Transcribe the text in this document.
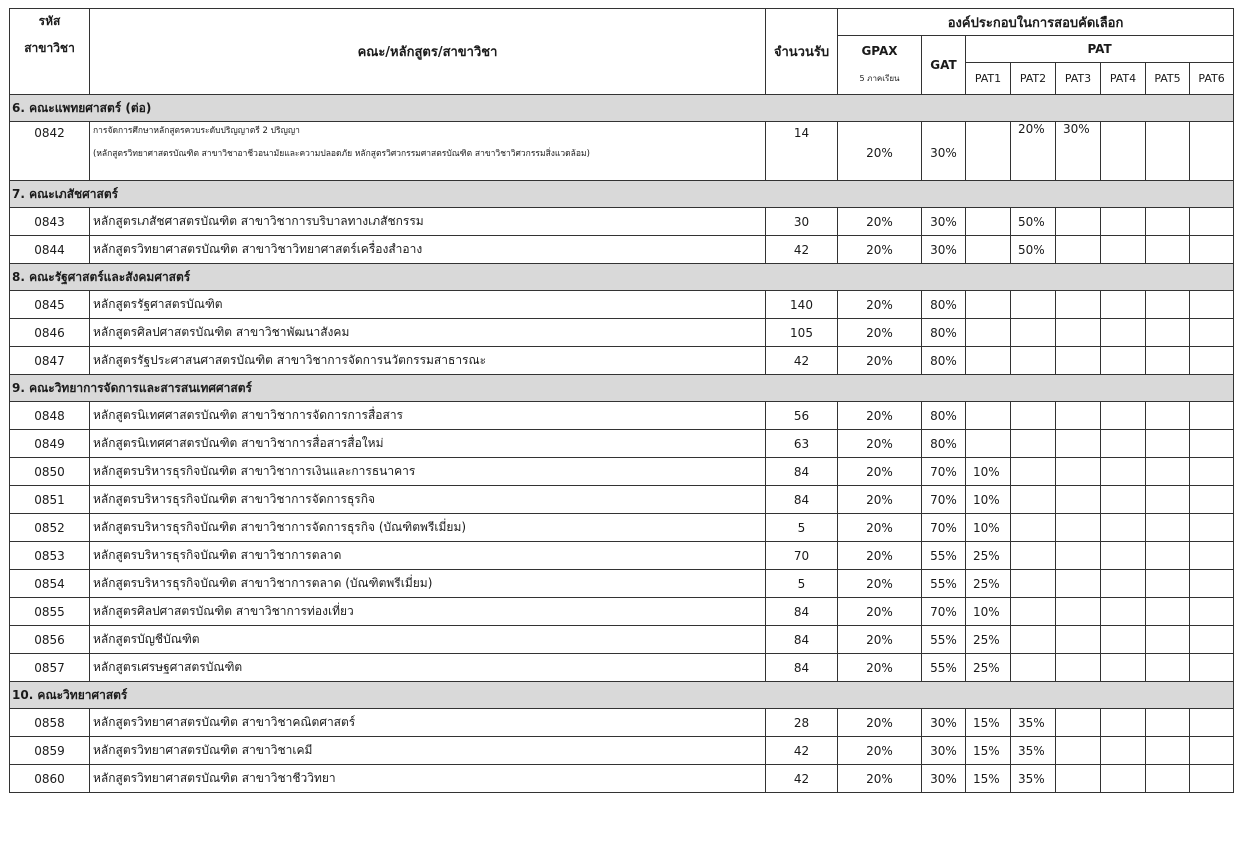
รหัส
สาขาวิชา	คณะ/หลักสูตร/สาขาวิชา	จำนวนรับ	องค์ประกอบในการสอบคัดเลือก							

			GPAX
5 ภาคเรียน	GAT	PAT					
					PAT1	PAT2	PAT3	PAT4	PAT5	PAT6
6. คณะแพทยศาสตร์ (ต่อ)										
0842	การจัดการศึกษาหลักสูตรควบระดับปริญญาตรี 2 ปริญญา
(หลักสูตรวิทยาศาสตรบัณฑิต สาขาวิชาอาชีวอนามัยและความปลอดภัย หลักสูตรวิศวกรรมศาสตรบัณฑิต สาขาวิชาวิศวกรรมสิ่งแวดล้อม)	14	20%	30%		20%	30%			
7. คณะเภสัชศาสตร์										
0843	หลักสูตรเภสัชศาสตรบัณฑิต สาขาวิชาการบริบาลทางเภสัชกรรม	30	20%	30%		50%				
0844	หลักสูตรวิทยาศาสตรบัณฑิต สาขาวิชาวิทยาศาสตร์เครื่องสำอาง	42	20%	30%		50%				
8. คณะรัฐศาสตร์และสังคมศาสตร์										
0845	หลักสูตรรัฐศาสตรบัณฑิต	140	20%	80%						
0846	หลักสูตรศิลปศาสตรบัณฑิต สาขาวิชาพัฒนาสังคม	105	20%	80%						
0847	หลักสูตรรัฐประศาสนศาสตรบัณฑิต สาขาวิชาการจัดการนวัตกรรมสาธารณะ	42	20%	80%						
9. คณะวิทยาการจัดการและสารสนเทศศาสตร์										
0848	หลักสูตรนิเทศศาสตรบัณฑิต สาขาวิชาการจัดการการสื่อสาร	56	20%	80%						
0849	หลักสูตรนิเทศศาสตรบัณฑิต สาขาวิชาการสื่อสารสื่อใหม่	63	20%	80%						
0850	หลักสูตรบริหารธุรกิจบัณฑิต สาขาวิชาการเงินและการธนาคาร	84	20%	70%	10%					
0851	หลักสูตรบริหารธุรกิจบัณฑิต สาขาวิชาการจัดการธุรกิจ	84	20%	70%	10%					
0852	หลักสูตรบริหารธุรกิจบัณฑิต สาขาวิชาการจัดการธุรกิจ (บัณฑิตพรีเมี่ยม)	5	20%	70%	10%					
0853	หลักสูตรบริหารธุรกิจบัณฑิต สาขาวิชาการตลาด	70	20%	55%	25%					
0854	หลักสูตรบริหารธุรกิจบัณฑิต สาขาวิชาการตลาด (บัณฑิตพรีเมี่ยม)	5	20%	55%	25%					
0855	หลักสูตรศิลปศาสตรบัณฑิต สาขาวิชาการท่องเที่ยว	84	20%	70%	10%					
0856	หลักสูตรบัญชีบัณฑิต	84	20%	55%	25%					
0857	หลักสูตรเศรษฐศาสตรบัณฑิต	84	20%	55%	25%					
10. คณะวิทยาศาสตร์										
0858	หลักสูตรวิทยาศาสตรบัณฑิต สาขาวิชาคณิตศาสตร์	28	20%	30%	15%	35%				
0859	หลักสูตรวิทยาศาสตรบัณฑิต สาขาวิชาเคมี	42	20%	30%	15%	35%				
0860	หลักสูตรวิทยาศาสตรบัณฑิต สาขาวิชาชีววิทยา	42	20%	30%	15%	35%				
